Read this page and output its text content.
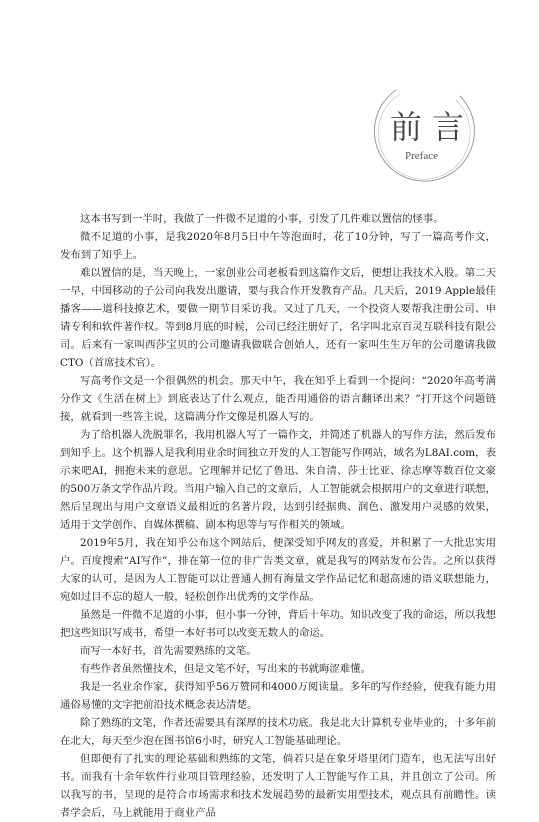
前言
Preface

这本书写到一半时，我做了一件微不足道的小事，引发了几件难以置信的怪事。

微不足道的小事，是我2020年8月5日中午等泡面时，花了10分钟，写了一篇高考作文，发布到了知乎上。

难以置信的是，当天晚上，一家创业公司老板看到这篇作文后，便想让我技术入股。第二天一早，中国移动的子公司向我发出邀请，要与我合作开发教育产品。几天后，2019 Apple最佳播客——道科技撩艺术，要做一期节目采访我。又过了几天，一个投资人要帮我注册公司、申请专利和软件著作权。等到8月底的时候，公司已经注册好了，名字叫北京百灵互联科技有限公司。后来有一家叫西莎宝贝的公司邀请我做联合创始人，还有一家叫生生万年的公司邀请我做CTO（首席技术官）。

写高考作文是一个很偶然的机会。那天中午，我在知乎上看到一个提问：“2020年高考满分作文《生活在树上》到底表达了什么观点，能否用通俗的语言翻译出来？”打开这个问题链接，就看到一些答主说，这篇满分作文像是机器人写的。

为了给机器人洗脱罪名，我用机器人写了一篇作文，并简述了机器人的写作方法，然后发布到知乎上。这个机器人是我利用业余时间独立开发的人工智能写作网站，域名为L8AI.com，表示来吧AI，拥抱未来的意思。它理解并记忆了鲁迅、朱自清、莎士比亚、徐志摩等数百位文豪的500万条文学作品片段。当用户输入自己的文章后，人工智能就会根据用户的文章进行联想，然后呈现出与用户文章语义最相近的名著片段，达到引经据典、润色、激发用户灵感的效果，适用于文学创作、自媒体撰稿、剧本构思等与写作相关的领域。

2019年5月，我在知乎公布这个网站后，便深受知乎网友的喜爱，并积累了一大批忠实用户。百度搜索“AI写作”，排在第一位的非广告类文章，就是我写的网站发布公告。之所以获得大家的认可，是因为人工智能可以让普通人拥有海量文学作品记忆和超高速的语义联想能力，宛如过目不忘的超人一般，轻松创作出优秀的文学作品。

虽然是一件微不足道的小事，但小事一分钟，背后十年功。知识改变了我的命运，所以我想把这些知识写成书，希望一本好书可以改变无数人的命运。

而写一本好书，首先需要熟练的文笔。

有些作者虽然懂技术，但是文笔不好，写出来的书就晦涩难懂。

我是一名业余作家，获得知乎56万赞同和4000万阅读量。多年的写作经验，使我有能力用通俗易懂的文字把前沿技术概念表达清楚。

除了熟练的文笔，作者还需要具有深厚的技术功底。我是北大计算机专业毕业的，十多年前在北大，每天至少泡在图书馆6小时，研究人工智能基础理论。

但即便有了扎实的理论基础和熟练的文笔，倘若只是在象牙塔里闭门造车，也无法写出好书。而我有十余年软件行业项目管理经验，还发明了人工智能写作工具，并且创立了公司。所以我写的书，呈现的是符合市场需求和技术发展趋势的最新实用型技术，观点具有前瞻性。读者学会后，马上就能用于商业产品
